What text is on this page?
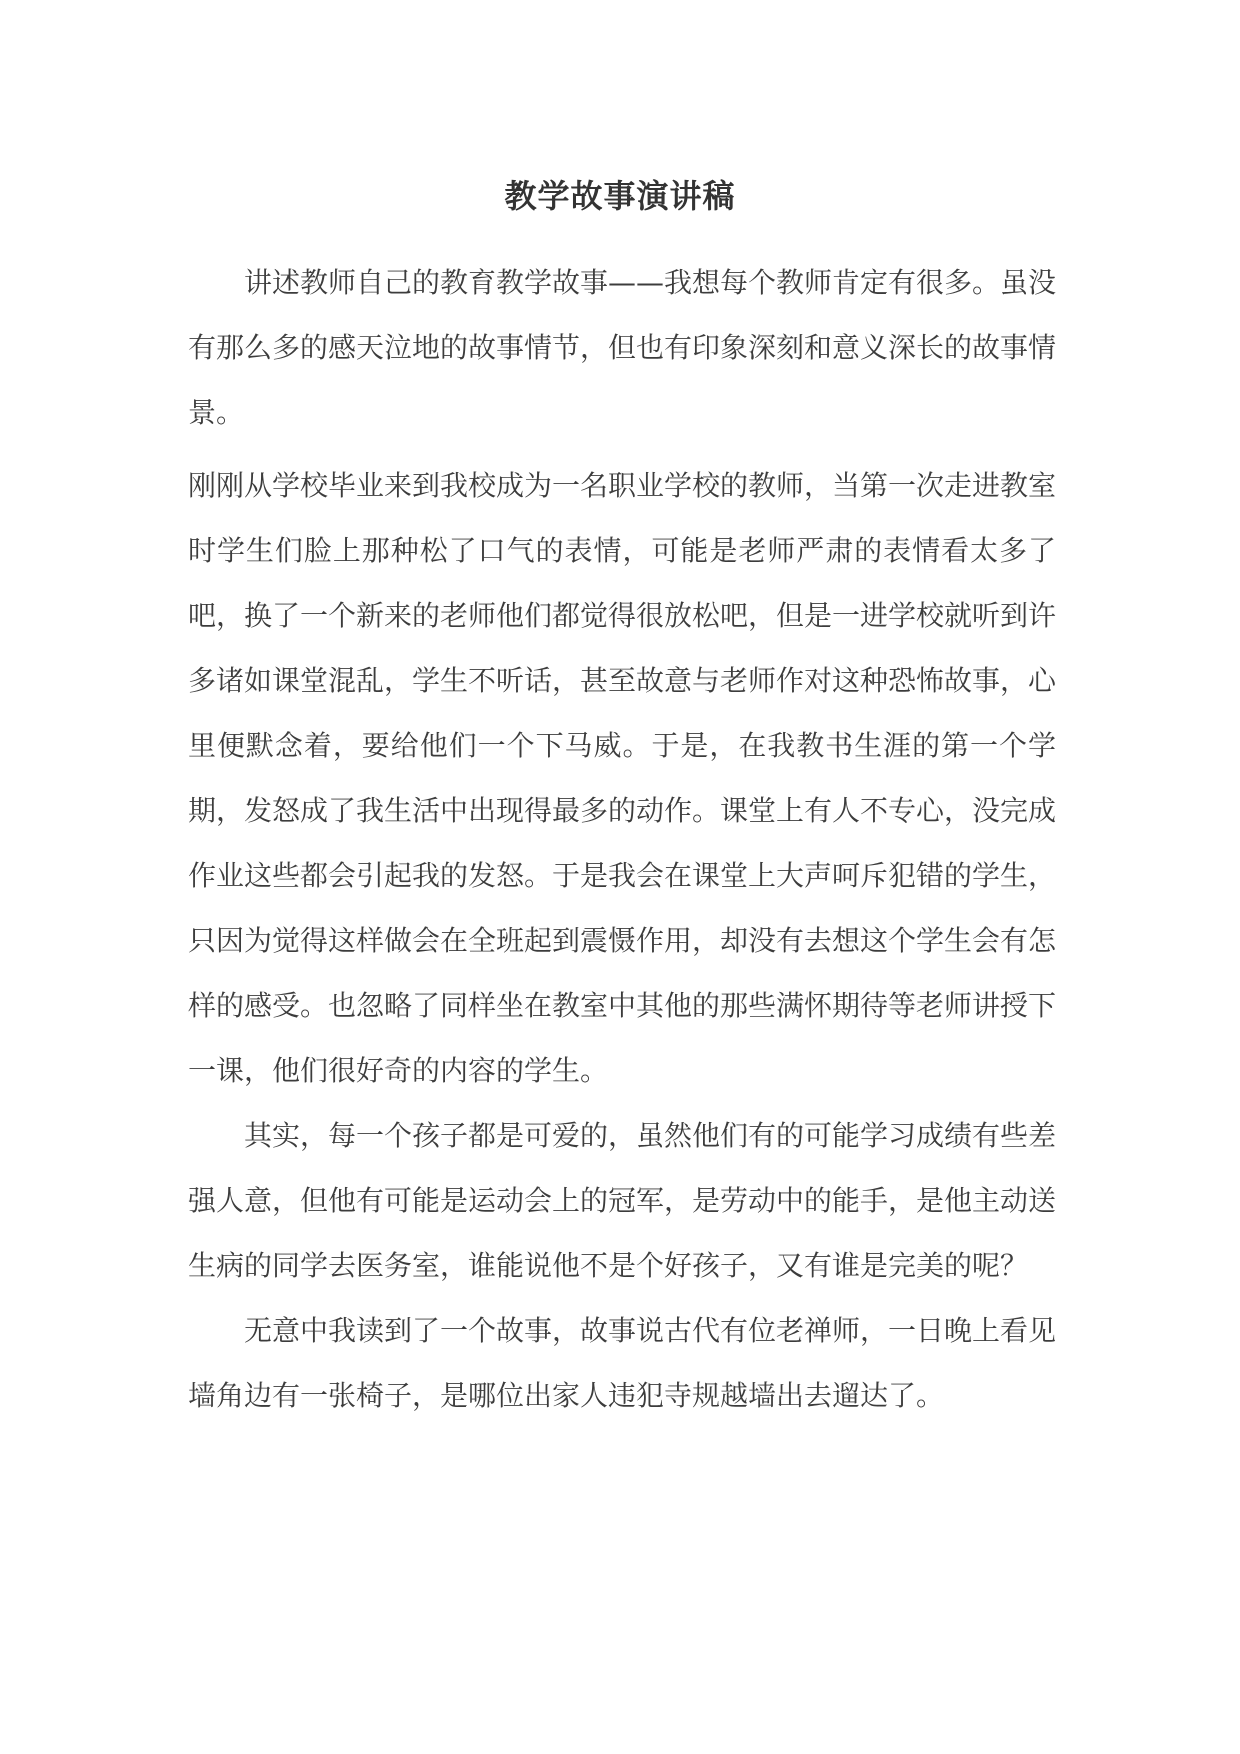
教学故事演讲稿

讲述教师自己的教育教学故事——我想每个教师肯定有很多。虽没有那么多的感天泣地的故事情节，但也有印象深刻和意义深长的故事情景。

刚刚从学校毕业来到我校成为一名职业学校的教师，当第一次走进教室时学生们脸上那种松了口气的表情，可能是老师严肃的表情看太多了吧，换了一个新来的老师他们都觉得很放松吧，但是一进学校就听到许多诸如课堂混乱，学生不听话，甚至故意与老师作对这种恐怖故事，心里便默念着，要给他们一个下马威。于是，在我教书生涯的第一个学期，发怒成了我生活中出现得最多的动作。课堂上有人不专心，没完成作业这些都会引起我的发怒。于是我会在课堂上大声呵斥犯错的学生，只因为觉得这样做会在全班起到震慑作用，却没有去想这个学生会有怎样的感受。也忽略了同样坐在教室中其他的那些满怀期待等老师讲授下一课，他们很好奇的内容的学生。

其实，每一个孩子都是可爱的，虽然他们有的可能学习成绩有些差强人意，但他有可能是运动会上的冠军，是劳动中的能手，是他主动送生病的同学去医务室，谁能说他不是个好孩子，又有谁是完美的呢？

无意中我读到了一个故事，故事说古代有位老禅师，一日晚上看见墙角边有一张椅子，是哪位出家人违犯寺规越墙出去遛达了。
